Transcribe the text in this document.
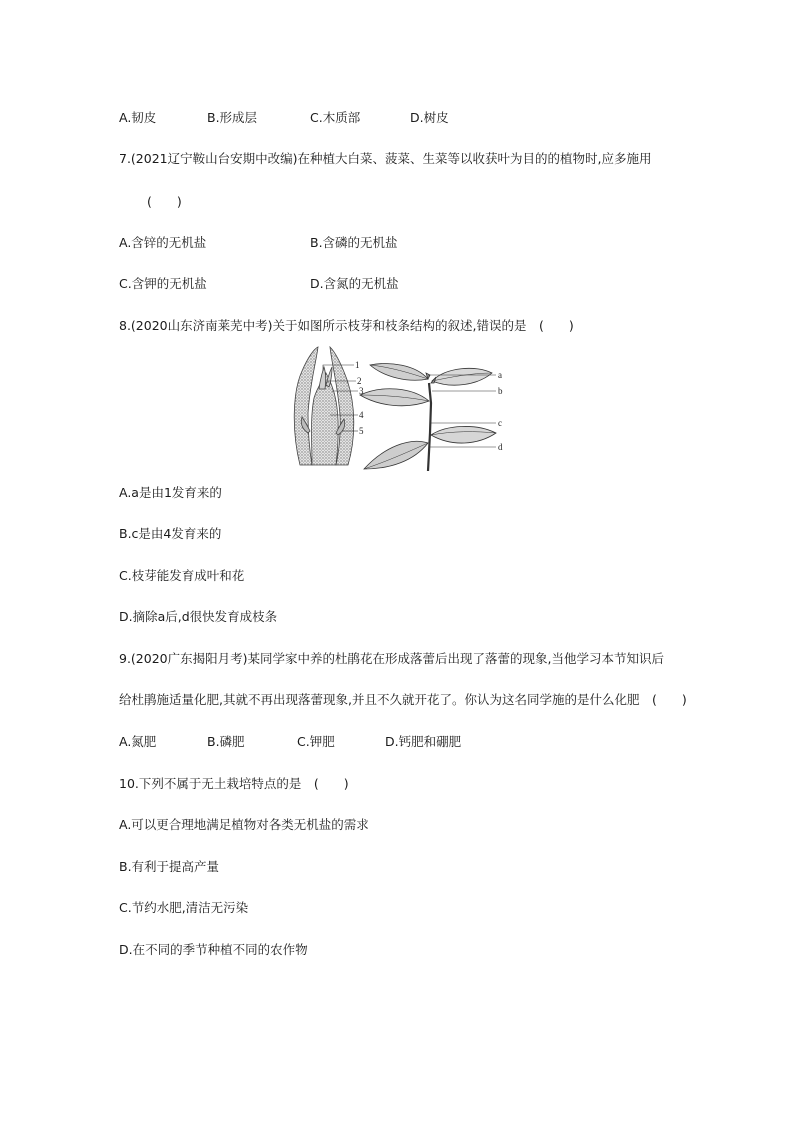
A.韧皮	B.形成层	C.木质部	D.树皮
7.(2021辽宁鞍山台安期中改编)在种植大白菜、菠菜、生菜等以收获叶为目的的植物时,应多施用
(　　)
A.含锌的无机盐	B.含磷的无机盐
C.含钾的无机盐	D.含氮的无机盐
8.(2020山东济南莱芜中考)关于如图所示枝芽和枝条结构的叙述,错误的是　(　　)
1
2
3
4
5
a
b
c
d
A.a是由1发育来的
B.c是由4发育来的
C.枝芽能发育成叶和花
D.摘除a后,d很快发育成枝条
9.(2020广东揭阳月考)某同学家中养的杜鹃花在形成落蕾后出现了落蕾的现象,当他学习本节知识后
给杜鹃施适量化肥,其就不再出现落蕾现象,并且不久就开花了。你认为这名同学施的是什么化肥　(　　)
A.氮肥	B.磷肥	C.钾肥	D.钙肥和硼肥
10.下列不属于无土栽培特点的是　(　　)
A.可以更合理地满足植物对各类无机盐的需求
B.有利于提高产量
C.节约水肥,清洁无污染
D.在不同的季节种植不同的农作物
